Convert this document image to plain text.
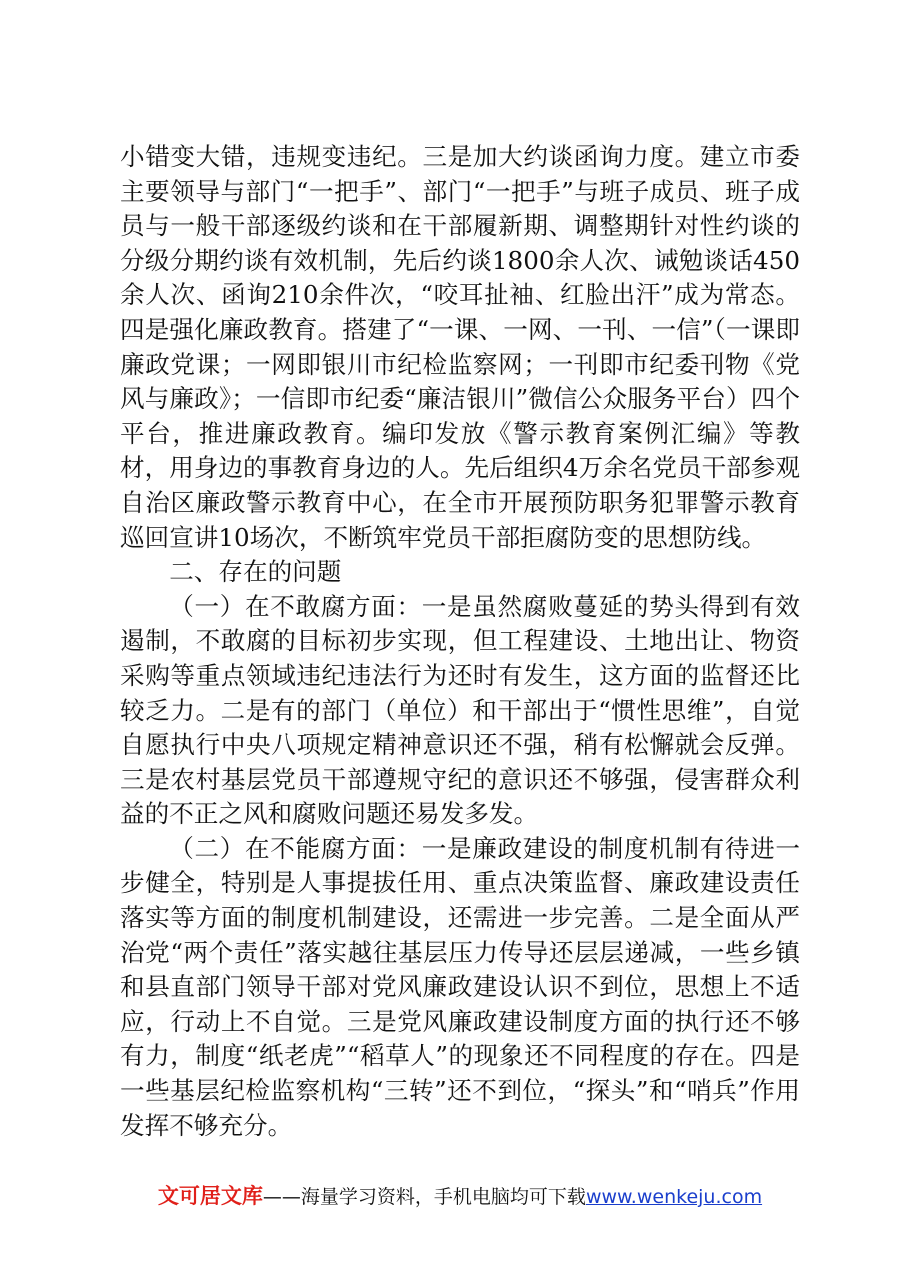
小错变大错，违规变违纪。三是加大约谈函询力度。建立市委主要领导与部门“一把手”、部门“一把手”与班子成员、班子成员与一般干部逐级约谈和在干部履新期、调整期针对性约谈的分级分期约谈有效机制，先后约谈1800余人次、诫勉谈话450余人次、函询210余件次，“咬耳扯袖、红脸出汗”成为常态。四是强化廉政教育。搭建了“一课、一网、一刊、一信”（一课即廉政党课；一网即银川市纪检监察网；一刊即市纪委刊物《党风与廉政》；一信即市纪委“廉洁银川”微信公众服务平台）四个平台，推进廉政教育。编印发放《警示教育案例汇编》等教材，用身边的事教育身边的人。先后组织4万余名党员干部参观自治区廉政警示教育中心，在全市开展预防职务犯罪警示教育巡回宣讲10场次，不断筑牢党员干部拒腐防变的思想防线。

二、存在的问题

（一）在不敢腐方面：一是虽然腐败蔓延的势头得到有效遏制，不敢腐的目标初步实现，但工程建设、土地出让、物资采购等重点领域违纪违法行为还时有发生，这方面的监督还比较乏力。二是有的部门（单位）和干部出于“惯性思维”，自觉自愿执行中央八项规定精神意识还不强，稍有松懈就会反弹。三是农村基层党员干部遵规守纪的意识还不够强，侵害群众利益的不正之风和腐败问题还易发多发。

（二）在不能腐方面：一是廉政建设的制度机制有待进一步健全，特别是人事提拔任用、重点决策监督、廉政建设责任落实等方面的制度机制建设，还需进一步完善。二是全面从严治党“两个责任”落实越往基层压力传导还层层递减，一些乡镇和县直部门领导干部对党风廉政建设认识不到位，思想上不适应，行动上不自觉。三是党风廉政建设制度方面的执行还不够有力，制度“纸老虎”“稻草人”的现象还不同程度的存在。四是一些基层纪检监察机构“三转”还不到位，“探头”和“哨兵”作用发挥不够充分。

文可居文库——海量学习资料，手机电脑均可下载www.wenkeju.com
